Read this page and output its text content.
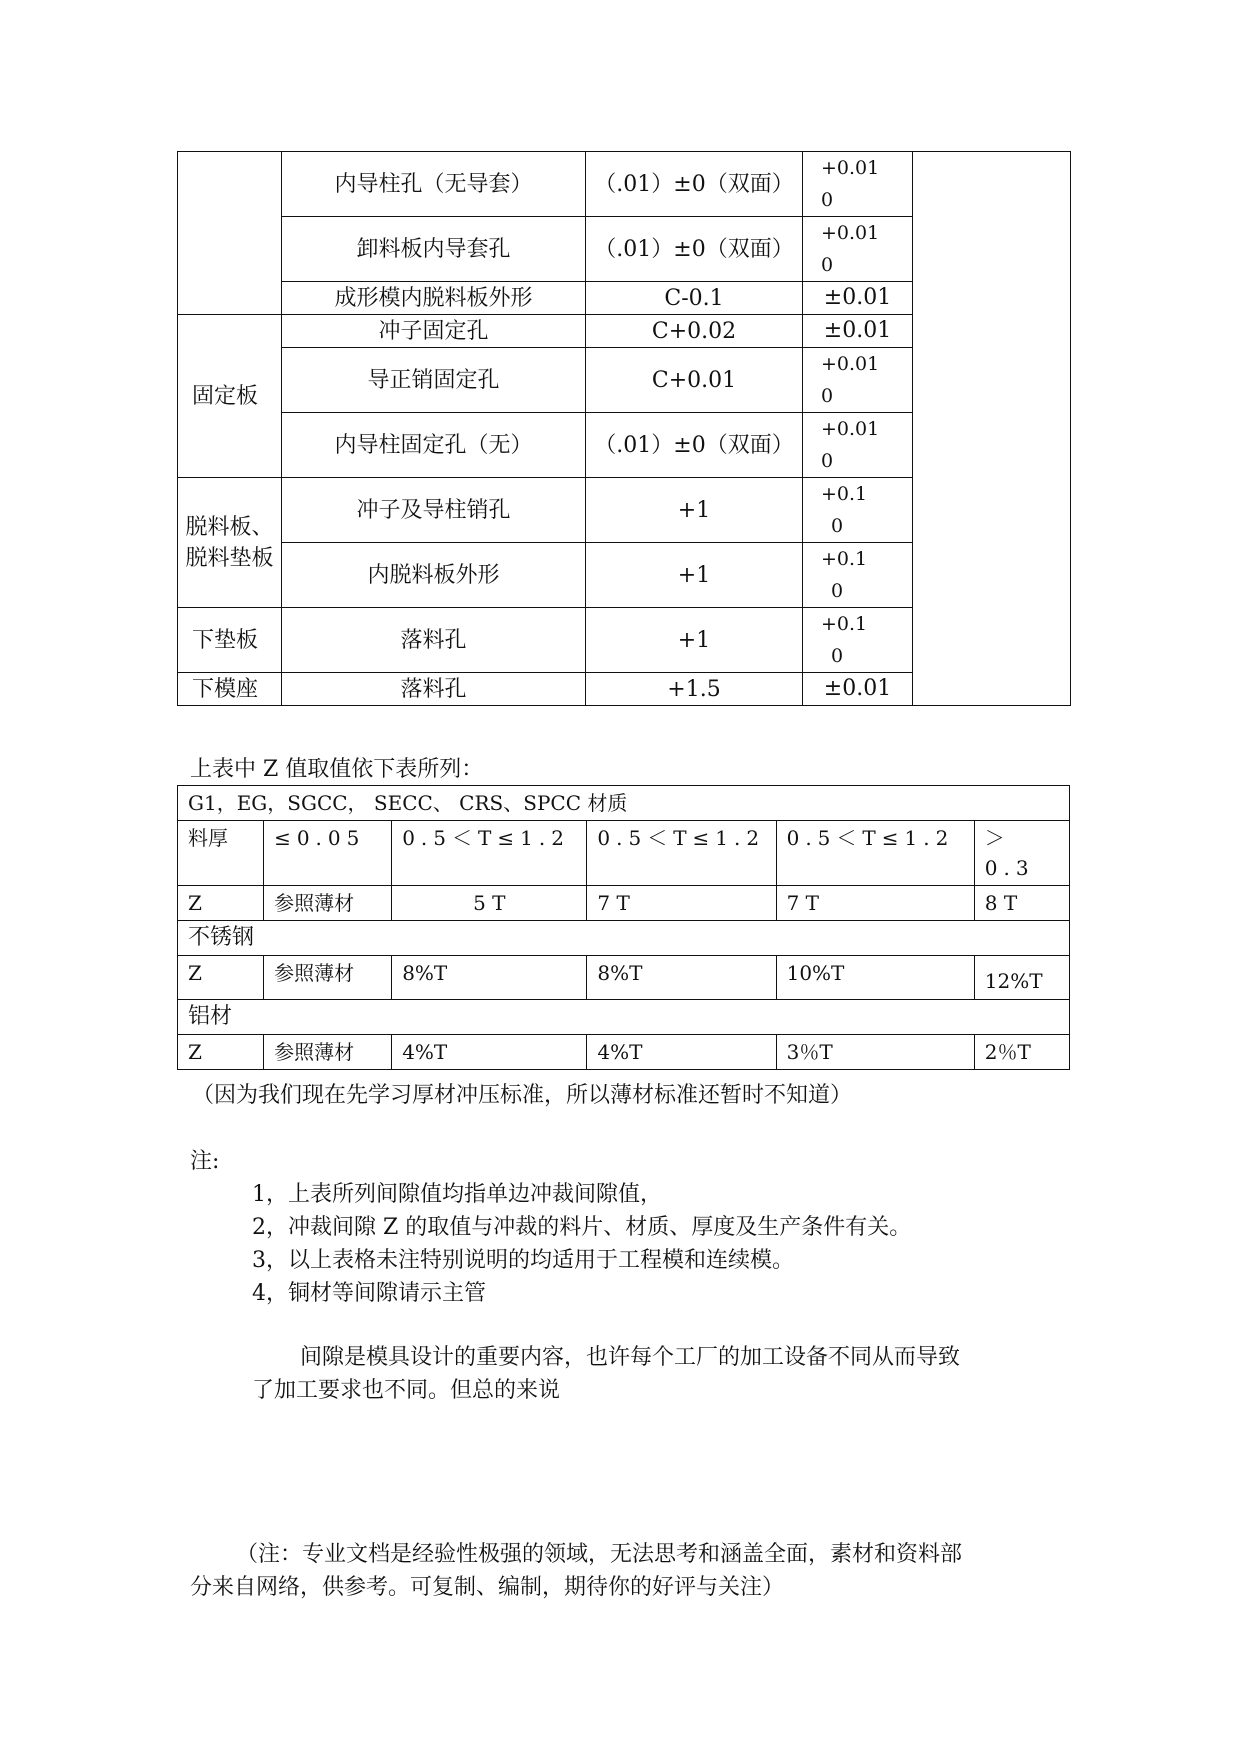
	内导柱孔（无导套）	（.01）±0（双面）	+0.01
0	

	卸料板内导套孔	（.01）±0（双面）	+0.01
0	

	成形模内脱料板外形	C-0.1	±0.01	
固定板	冲子固定孔	C+0.02	±0.01	
	导正销固定孔	C+0.01	+0.01
0	

	内导柱固定孔（无）	（.01）±0（双面）	+0.01
0	

脱料板、脱料垫板	冲子及导柱销孔	+1	+0.1
0	

	内脱料板外形	+1	+0.1
0	

下垫板	落料孔	+1	+0.1
0	

下模座	落料孔	+1.5	±0.01	
上表中 Z 值取值依下表所列：
G1，EG，SGCC， SECC、 CRS、SPCC 材质					
料厚	≤0.05	0.5＜T≤1.2	0.5＜T≤1.2	0.5＜T≤1.2	＞0.3
Z	参照薄材	5 T	7 T	7 T	8 T
不锈钢					
Z	参照薄材	8%T	8%T	10%T	12%T
铝材					
Z	参照薄材	4%T	4%T	3％T	2％T
（因为我们现在先学习厚材冲压标准，所以薄材标准还暂时不知道）
注:
1，上表所列间隙值均指单边冲裁间隙值，
2，冲裁间隙 Z 的取值与冲裁的料片、材质、厚度及生产条件有关。
3，以上表格未注特别说明的均适用于工程模和连续模。
4，铜材等间隙请示主管
间隙是模具设计的重要内容，也许每个工厂的加工设备不同从而导致
了加工要求也不同。但总的来说
（注：专业文档是经验性极强的领域，无法思考和涵盖全面，素材和资料部
分来自网络，供参考。可复制、编制，期待你的好评与关注）
